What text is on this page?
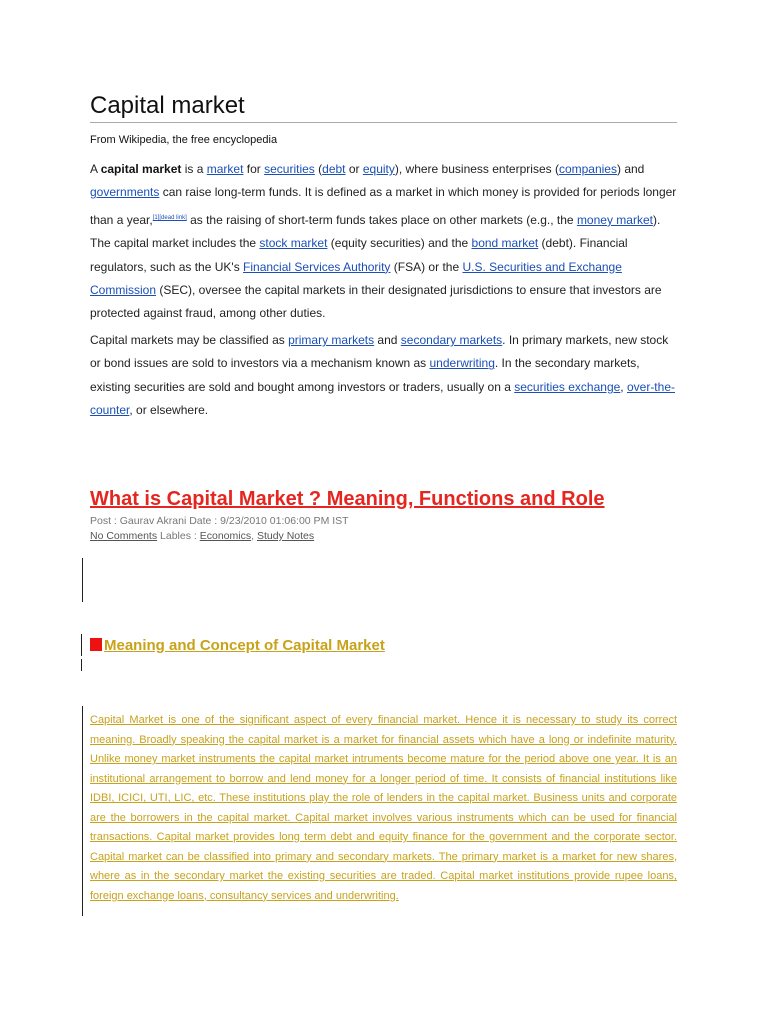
Capital market
From Wikipedia, the free encyclopedia

A capital market is a market for securities (debt or equity), where business enterprises (companies) and governments can raise long-term funds. It is defined as a market in which money is provided for periods longer than a year,[1][dead link] as the raising of short-term funds takes place on other markets (e.g., the money market). The capital market includes the stock market (equity securities) and the bond market (debt). Financial regulators, such as the UK's Financial Services Authority (FSA) or the U.S. Securities and Exchange Commission (SEC), oversee the capital markets in their designated jurisdictions to ensure that investors are protected against fraud, among other duties.

Capital markets may be classified as primary markets and secondary markets. In primary markets, new stock or bond issues are sold to investors via a mechanism known as underwriting. In the secondary markets, existing securities are sold and bought among investors or traders, usually on a securities exchange, over-the-counter, or elsewhere.

What is Capital Market ? Meaning, Functions and Role
Post : Gaurav Akrani Date : 9/23/2010 01:06:00 PM IST
No Comments Lables : Economics, Study Notes
Meaning and Concept of Capital Market

Capital Market is one of the significant aspect of every financial market. Hence it is necessary to study its correct meaning. Broadly speaking the capital market is a market for financial assets which have a long or indefinite maturity. Unlike money market instruments the capital market intruments become mature for the period above one year. It is an institutional arrangement to borrow and lend money for a longer period of time. It consists of financial institutions like IDBI, ICICI, UTI, LIC, etc. These institutions play the role of lenders in the capital market. Business units and corporate are the borrowers in the capital market. Capital market involves various instruments which can be used for financial transactions. Capital market provides long term debt and equity finance for the government and the corporate sector. Capital market can be classified into primary and secondary markets. The primary market is a market for new shares, where as in the secondary market the existing securities are traded. Capital market institutions provide rupee loans, foreign exchange loans, consultancy services and underwriting.
